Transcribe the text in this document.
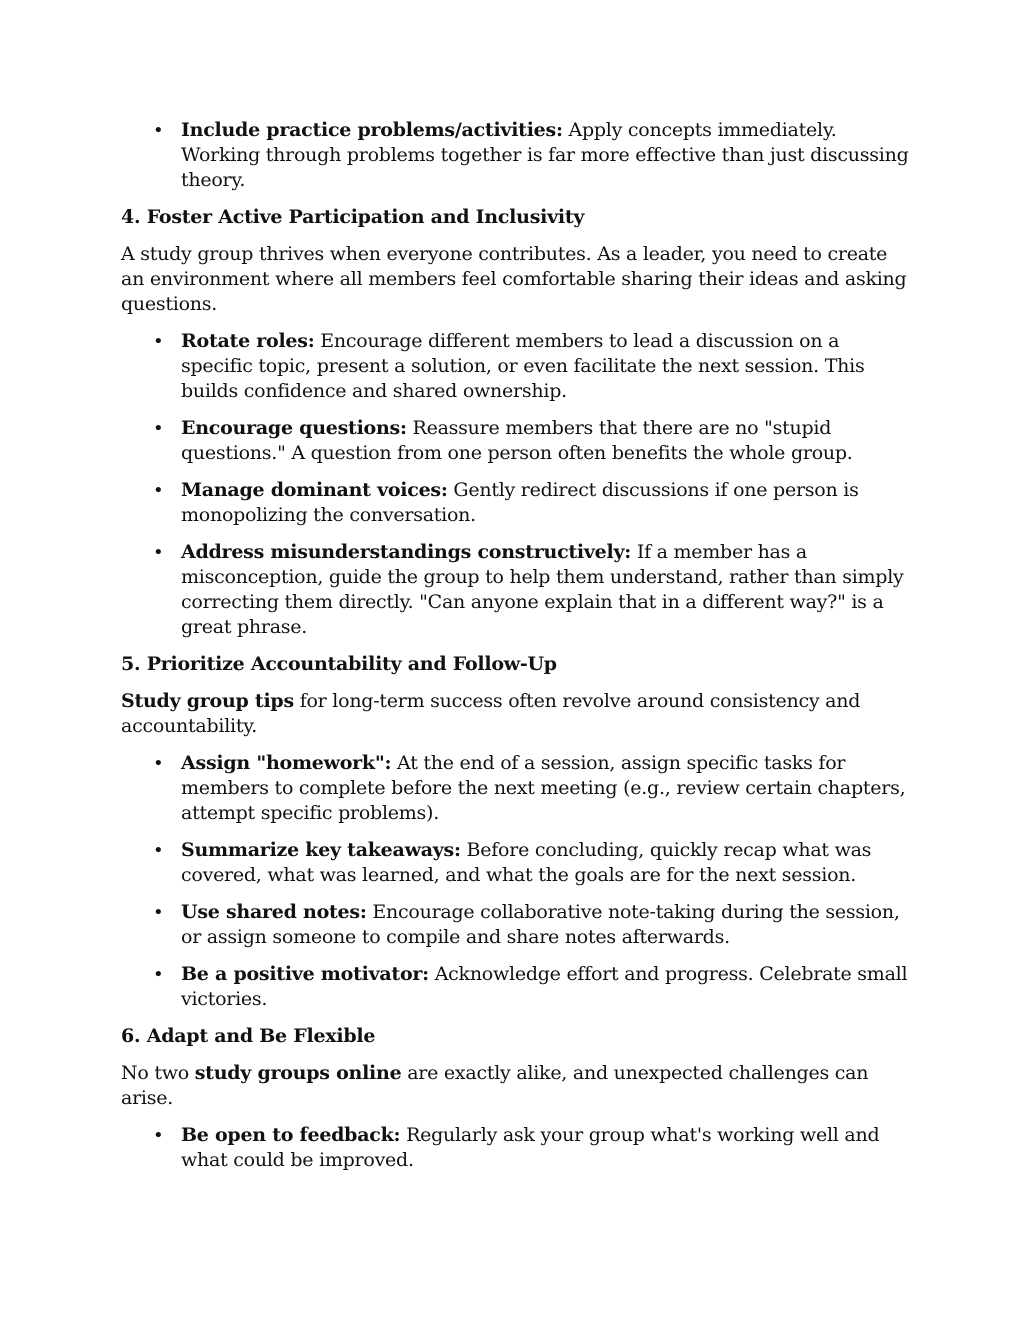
• Include practice problems/activities: Apply concepts immediately. Working through problems together is far more effective than just discussing theory.
4. Foster Active Participation and Inclusivity

A study group thrives when everyone contributes. As a leader, you need to create an environment where all members feel comfortable sharing their ideas and asking questions.

• Rotate roles: Encourage different members to lead a discussion on a specific topic, present a solution, or even facilitate the next session. This builds confidence and shared ownership.
• Encourage questions: Reassure members that there are no "stupid questions." A question from one person often benefits the whole group.
• Manage dominant voices: Gently redirect discussions if one person is monopolizing the conversation.
• Address misunderstandings constructively: If a member has a misconception, guide the group to help them understand, rather than simply correcting them directly. "Can anyone explain that in a different way?" is a great phrase.
5. Prioritize Accountability and Follow-Up

Study group tips for long-term success often revolve around consistency and accountability.

• Assign "homework": At the end of a session, assign specific tasks for members to complete before the next meeting (e.g., review certain chapters, attempt specific problems).
• Summarize key takeaways: Before concluding, quickly recap what was covered, what was learned, and what the goals are for the next session.
• Use shared notes: Encourage collaborative note-taking during the session, or assign someone to compile and share notes afterwards.
• Be a positive motivator: Acknowledge effort and progress. Celebrate small victories.
6. Adapt and Be Flexible

No two study groups online are exactly alike, and unexpected challenges can arise.

• Be open to feedback: Regularly ask your group what's working well and what could be improved.
